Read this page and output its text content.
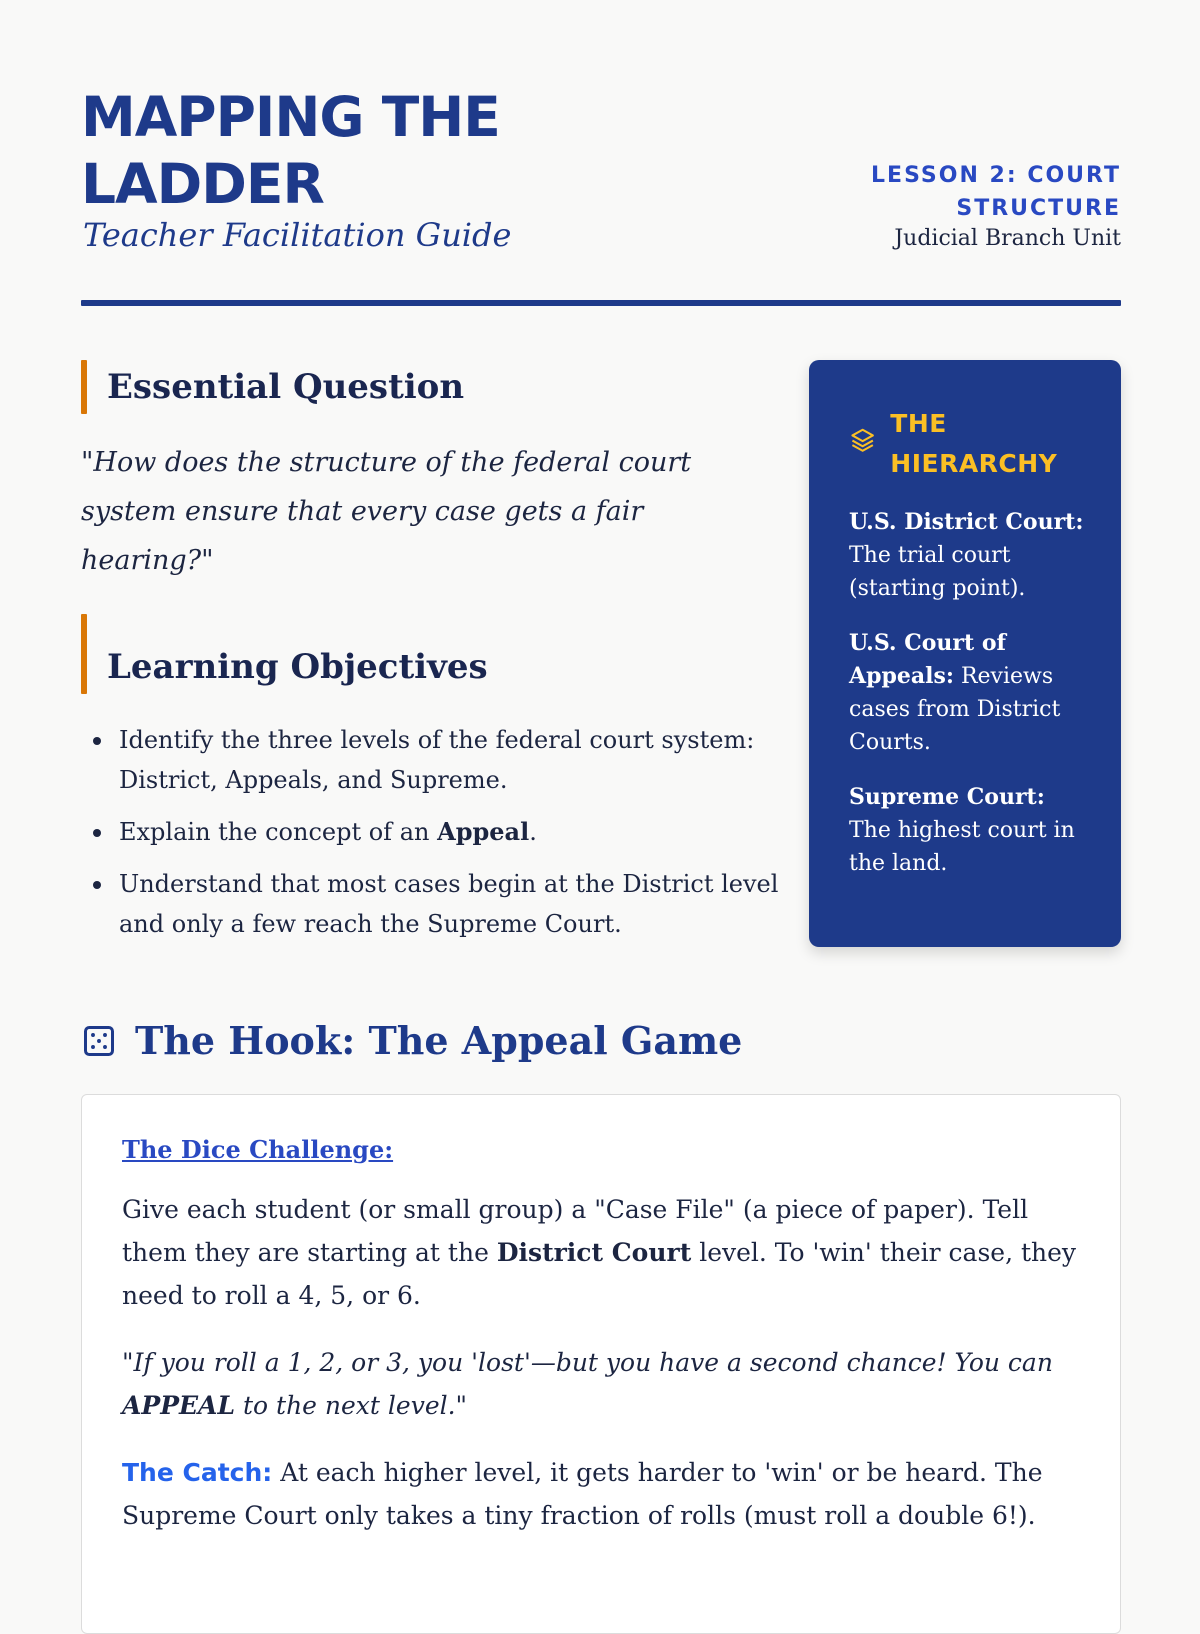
MAPPING THE LADDER
Teacher Facilitation Guide
LESSON 2: COURT STRUCTURE
Judicial Branch Unit
Essential Question
"How does the structure of the federal court system ensure that every case gets a fair hearing?"
Learning Objectives
Identify the three levels of the federal court system: District, Appeals, and Supreme.
Explain the concept of an Appeal.
Understand that most cases begin at the District level and only a few reach the Supreme Court.
THE HIERARCHY
U.S. District Court: The trial court (starting point).
U.S. Court of Appeals: Reviews cases from District Courts.
Supreme Court: The highest court in the land.
The Hook: The Appeal Game
The Dice Challenge:

Give each student (or small group) a "Case File" (a piece of paper). Tell them they are starting at the District Court level. To 'win' their case, they need to roll a 4, 5, or 6.

"If you roll a 1, 2, or 3, you 'lost'—but you have a second chance! You can APPEAL to the next level."

The Catch: At each higher level, it gets harder to 'win' or be heard. The Supreme Court only takes a tiny fraction of rolls (must roll a double 6!).
